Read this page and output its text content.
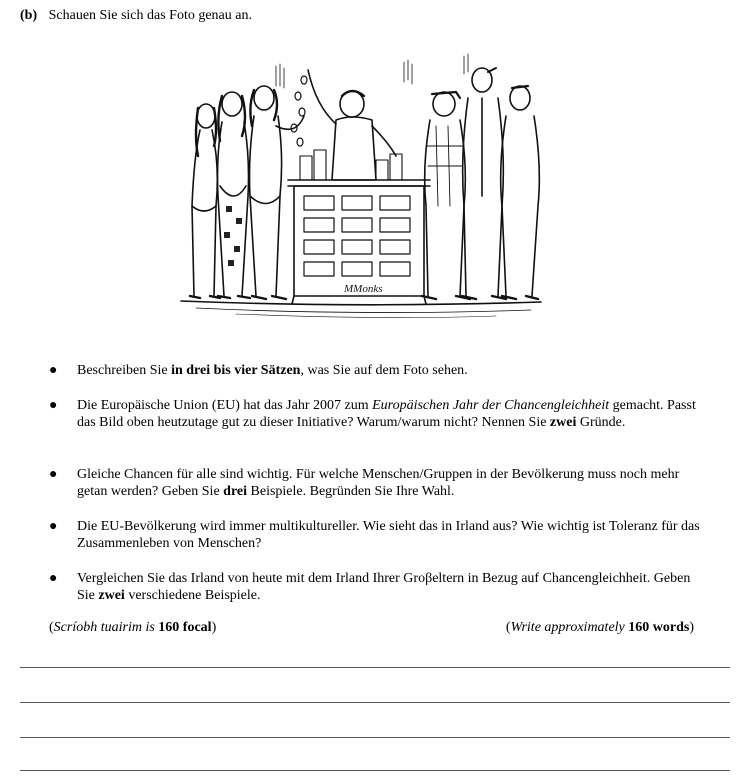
(b) Schauen Sie sich das Foto genau an.
MMonks
● Beschreiben Sie in drei bis vier Sätzen, was Sie auf dem Foto sehen.
● Die Europäische Union (EU) hat das Jahr 2007 zum Europäischen Jahr der Chancengleichheit gemacht. Passt das Bild oben heutzutage gut zu dieser Initiative? Warum/warum nicht? Nennen Sie zwei Gründe.
● Gleiche Chancen für alle sind wichtig. Für welche Menschen/Gruppen in der Bevölkerung muss noch mehr getan werden? Geben Sie drei Beispiele. Begründen Sie Ihre Wahl.
● Die EU-Bevölkerung wird immer multikultureller. Wie sieht das in Irland aus? Wie wichtig ist Toleranz für das Zusammenleben von Menschen?
● Vergleichen Sie das Irland von heute mit dem Irland Ihrer Groβeltern in Bezug auf Chancengleichheit. Geben Sie zwei verschiedene Beispiele.
(Scríobh tuairim is 160 focal)	(Write approximately 160 words)
